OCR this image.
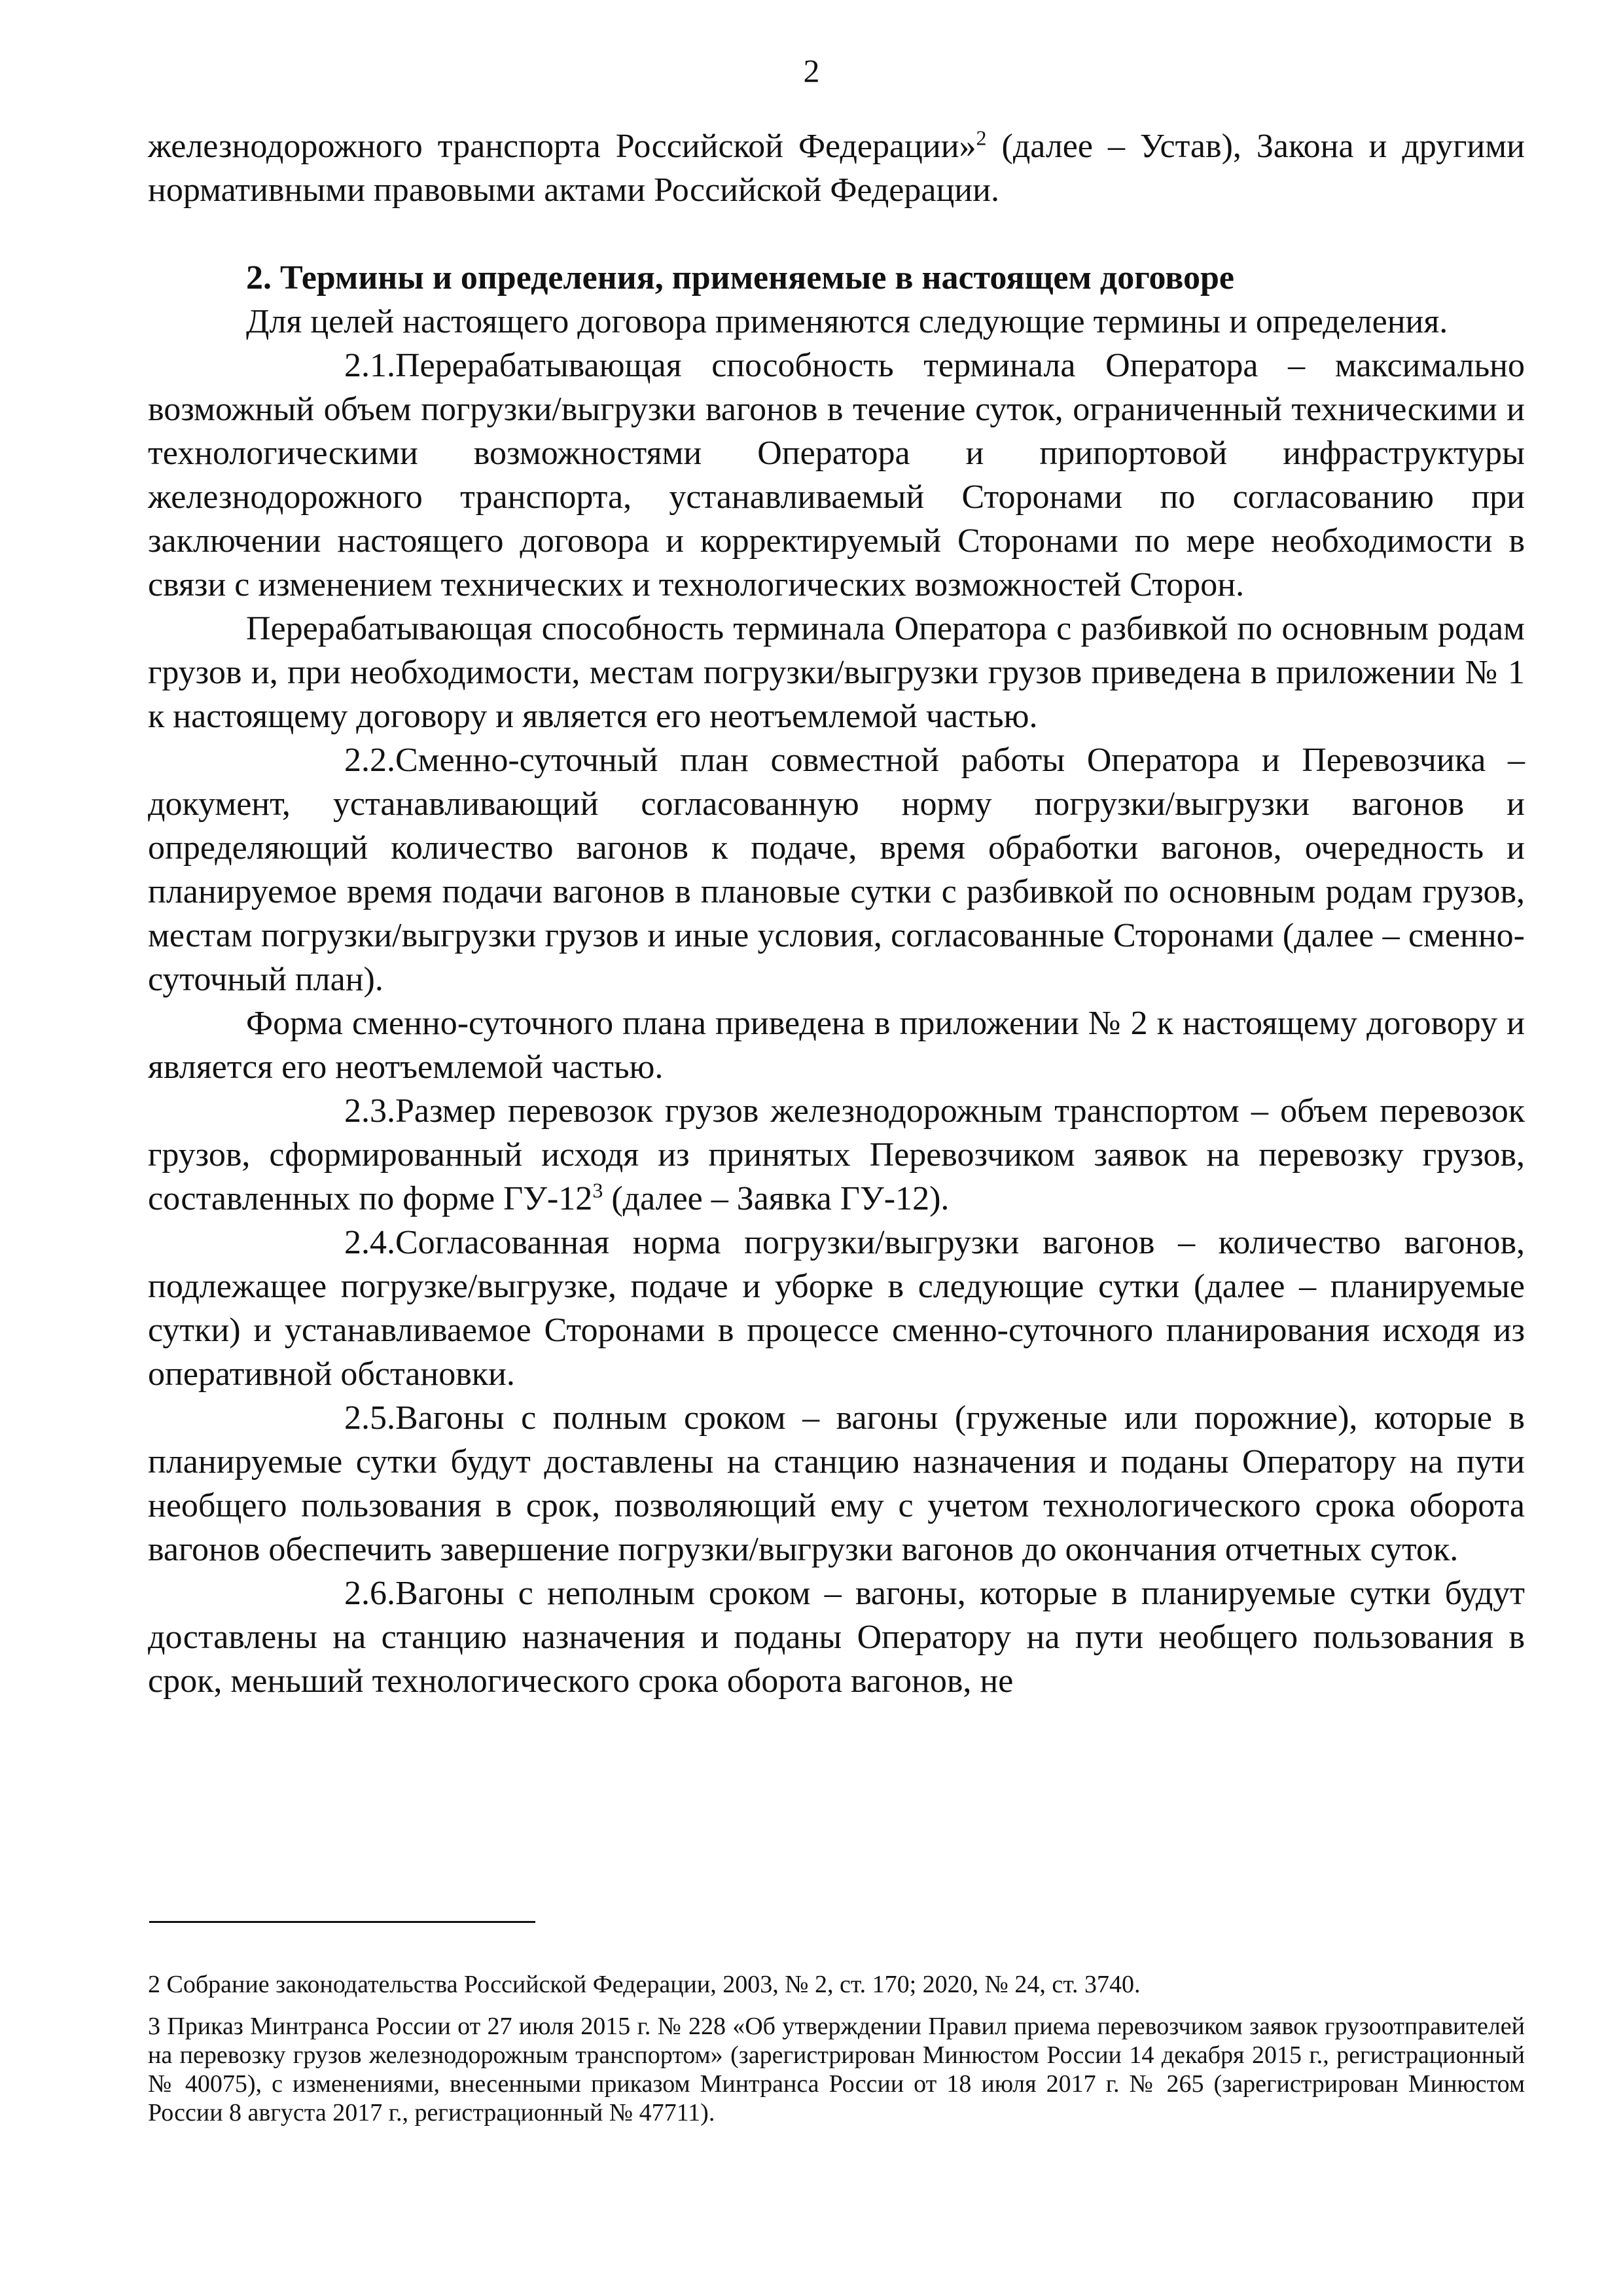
2

железнодорожного транспорта Российской Федерации»$^2$ (далее – Устав), Закона и другими нормативными правовыми актами Российской Федерации.

2. Термины и определения, применяемые в настоящем договоре

Для целей настоящего договора применяются следующие термины и определения.

2.1.Перерабатывающая способность терминала Оператора – максимально возможный объем погрузки/выгрузки вагонов в течение суток, ограниченный техническими и технологическими возможностями Оператора и припортовой инфраструктуры железнодорожного транспорта, устанавливаемый Сторонами по согласованию при заключении настоящего договора и корректируемый Сторонами по мере необходимости в связи с изменением технических и технологических возможностей Сторон.

Перерабатывающая способность терминала Оператора с разбивкой по основным родам грузов и, при необходимости, местам погрузки/выгрузки грузов приведена в приложении № 1 к настоящему договору и является его неотъемлемой частью.

2.2.Сменно-суточный план совместной работы Оператора и Перевозчика – документ, устанавливающий согласованную норму погрузки/выгрузки вагонов и определяющий количество вагонов к подаче, время обработки вагонов, очередность и планируемое время подачи вагонов в плановые сутки с разбивкой по основным родам грузов, местам погрузки/выгрузки грузов и иные условия, согласованные Сторонами (далее – сменно-суточный план).

Форма сменно-суточного плана приведена в приложении № 2 к настоящему договору и является его неотъемлемой частью.

2.3.Размер перевозок грузов железнодорожным транспортом – объем перевозок грузов, сформированный исходя из принятых Перевозчиком заявок на перевозку грузов, составленных по форме $ГУ-12^3$ (далее – Заявка ГУ-12).

2.4.Согласованная норма погрузки/выгрузки вагонов – количество вагонов, подлежащее погрузке/выгрузке, подаче и уборке в следующие сутки (далее – планируемые сутки) и устанавливаемое Сторонами в процессе сменно-суточного планирования исходя из оперативной обстановки.

2.5.Вагоны с полным сроком – вагоны (груженые или порожние), которые в планируемые сутки будут доставлены на станцию назначения и поданы Оператору на пути необщего пользования в срок, позволяющий ему с учетом технологического срока оборота вагонов обеспечить завершение погрузки/выгрузки вагонов до окончания отчетных суток.

2.6.Вагоны с неполным сроком – вагоны, которые в планируемые сутки будут доставлены на станцию назначения и поданы Оператору на пути необщего пользования в срок, меньший технологического срока оборота вагонов, не

2 Собрание законодательства Российской Федерации, 2003, № 2, ст. 170; 2020, № 24, ст. 3740.

3 Приказ Минтранса России от 27 июля 2015 г. № 228 «Об утверждении Правил приема перевозчиком заявок грузоотправителей на перевозку грузов железнодорожным транспортом» (зарегистрирован Минюстом России 14 декабря 2015 г., регистрационный № 40075), с изменениями, внесенными приказом Минтранса России от 18 июля 2017 г. № 265 (зарегистрирован Минюстом России 8 августа 2017 г., регистрационный № 47711).
